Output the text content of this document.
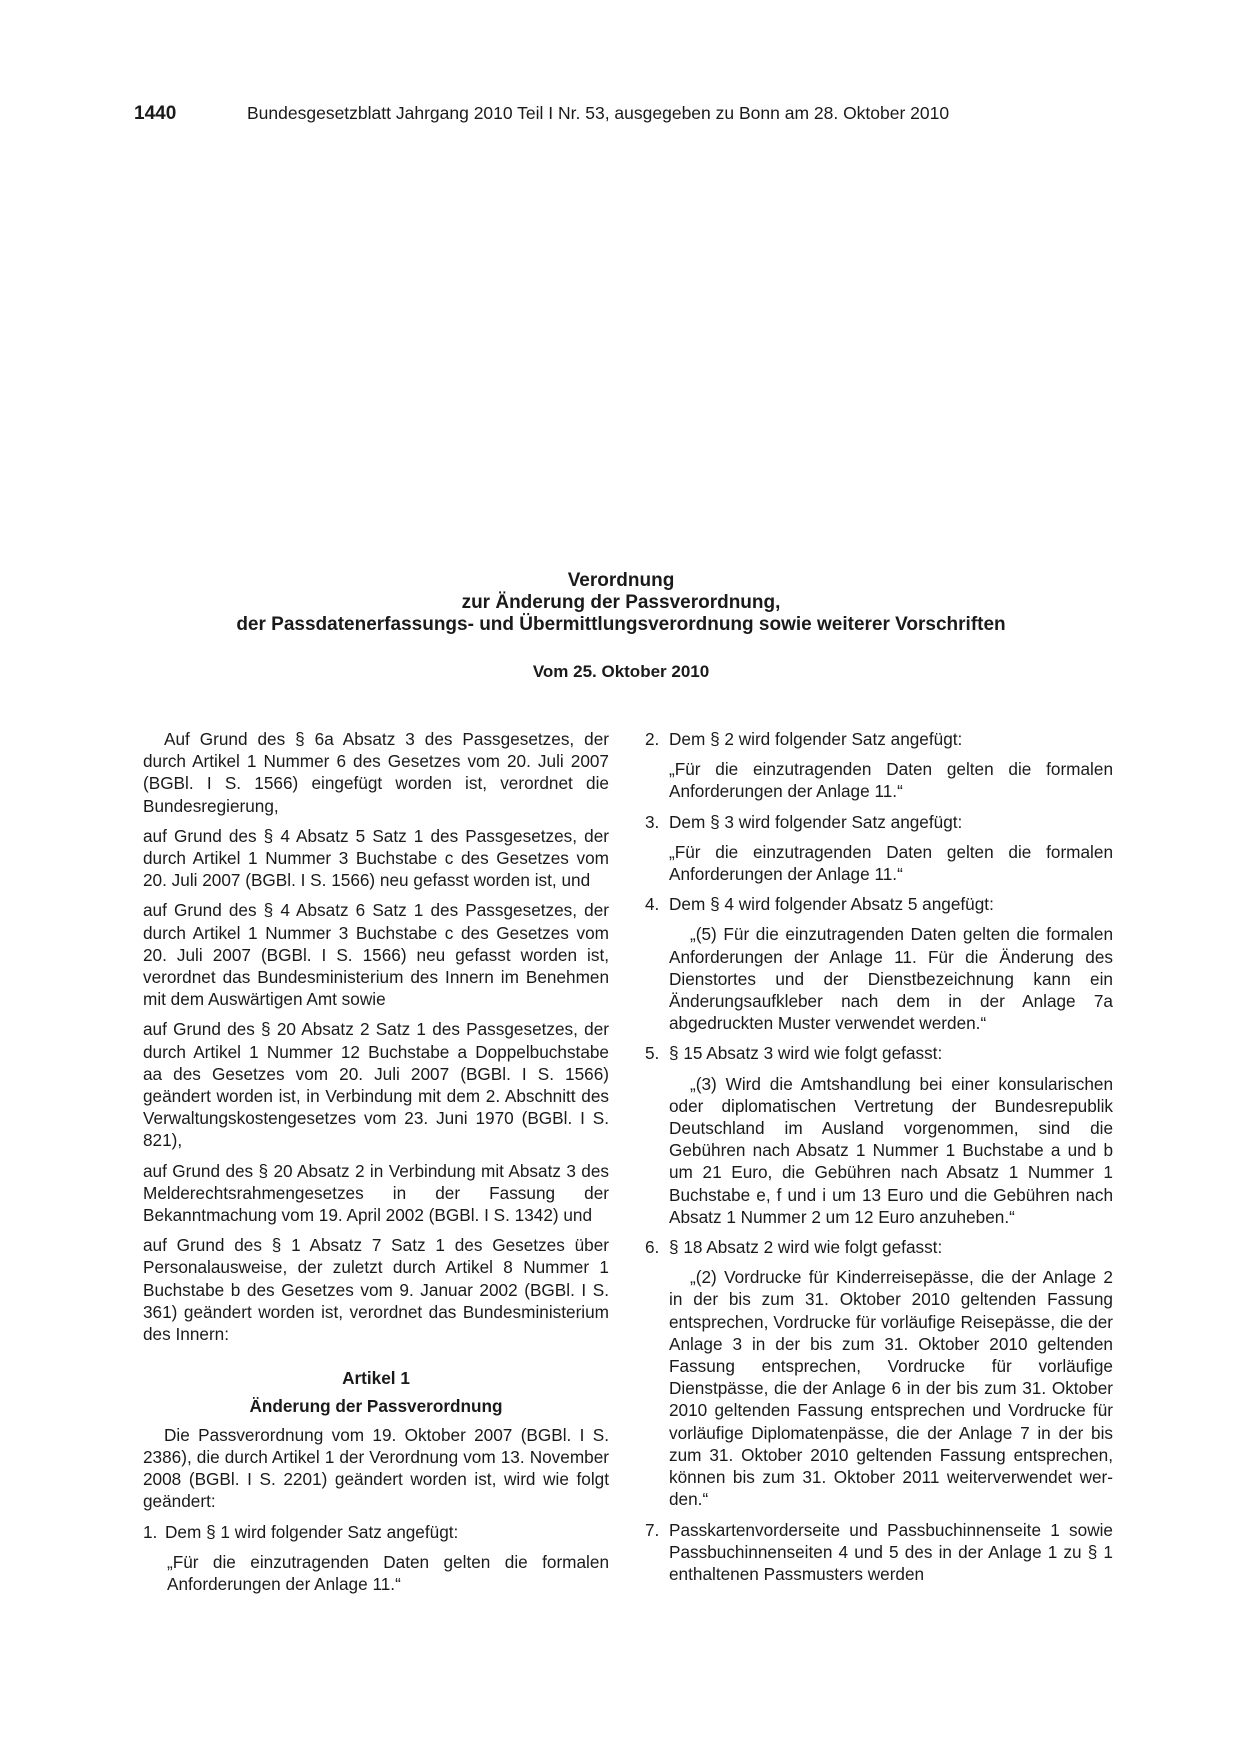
1440	Bundesgesetzblatt Jahrgang 2010 Teil I Nr. 53, ausgegeben zu Bonn am 28. Oktober 2010
Verordnung
zur Änderung der Passverordnung,
der Passdatenerfassungs- und Übermittlungsverordnung sowie weiterer Vorschriften
Vom 25. Oktober 2010

Auf Grund des § 6a Absatz 3 des Passgesetzes, der durch Artikel 1 Nummer 6 des Gesetzes vom 20. Juli 2007 (BGBl. I S. 1566) eingefügt worden ist, verordnet die Bundesregierung,

auf Grund des § 4 Absatz 5 Satz 1 des Passgesetzes, der durch Artikel 1 Nummer 3 Buchstabe c des Gesetzes vom 20. Juli 2007 (BGBl. I S. 1566) neu gefasst worden ist, und

auf Grund des § 4 Absatz 6 Satz 1 des Passgesetzes, der durch Artikel 1 Nummer 3 Buchstabe c des Gesetzes vom 20. Juli 2007 (BGBl. I S. 1566) neu gefasst worden ist, verordnet das Bundesministerium des Innern im Benehmen mit dem Auswärtigen Amt sowie

auf Grund des § 20 Absatz 2 Satz 1 des Passgesetzes, der durch Artikel 1 Nummer 12 Buchstabe a Doppelbuchstabe aa des Gesetzes vom 20. Juli 2007 (BGBl. I S. 1566) geändert worden ist, in Verbindung mit dem 2. Abschnitt des Verwaltungskostengesetzes vom 23. Juni 1970 (BGBl. I S. 821),

auf Grund des § 20 Absatz 2 in Verbindung mit Absatz 3 des Melderechtsrahmengesetzes in der Fassung der Bekanntmachung vom 19. April 2002 (BGBl. I S. 1342) und

auf Grund des § 1 Absatz 7 Satz 1 des Gesetzes über Personalausweise, der zuletzt durch Artikel 8 Nummer 1 Buchstabe b des Gesetzes vom 9. Januar 2002 (BGBl. I S. 361) geändert worden ist, verordnet das Bundesministerium des Innern:

Artikel 1
Änderung der Passverordnung

Die Passverordnung vom 19. Oktober 2007 (BGBl. I S. 2386), die durch Artikel 1 der Verordnung vom 13. November 2008 (BGBl. I S. 2201) geändert worden ist, wird wie folgt geändert:

1. Dem § 1 wird folgender Satz angefügt:
„Für die einzutragenden Daten gelten die formalen Anforderungen der Anlage 11.“
2. Dem § 2 wird folgender Satz angefügt:
„Für die einzutragenden Daten gelten die formalen Anforderungen der Anlage 11.“
3. Dem § 3 wird folgender Satz angefügt:
„Für die einzutragenden Daten gelten die formalen Anforderungen der Anlage 11.“
4. Dem § 4 wird folgender Absatz 5 angefügt:
„(5) Für die einzutragenden Daten gelten die formalen Anforderungen der Anlage 11. Für die Änderung des Dienstortes und der Dienstbezeichnung kann ein Änderungsaufkleber nach dem in der Anlage 7a abgedruckten Muster verwendet werden.“
5. § 15 Absatz 3 wird wie folgt gefasst:
„(3) Wird die Amtshandlung bei einer konsularischen oder diplomatischen Vertretung der Bundesrepublik Deutschland im Ausland vorgenommen, sind die Gebühren nach Absatz 1 Nummer 1 Buchstabe a und b um 21 Euro, die Gebühren nach Absatz 1 Nummer 1 Buchstabe e, f und i um 13 Euro und die Gebühren nach Absatz 1 Nummer 2 um 12 Euro anzuheben.“
6. § 18 Absatz 2 wird wie folgt gefasst:
„(2) Vordrucke für Kinderreisepässe, die der Anlage 2 in der bis zum 31. Oktober 2010 geltenden Fassung entsprechen, Vordrucke für vorläufige Reisepässe, die der Anlage 3 in der bis zum 31. Oktober 2010 geltenden Fassung entsprechen, Vordrucke für vorläufige Dienstpässe, die der Anlage 6 in der bis zum 31. Oktober 2010 geltenden Fassung entsprechen und Vordrucke für vorläufige Diplomatenpässe, die der Anlage 7 in der bis zum 31. Oktober 2010 geltenden Fassung entsprechen, können bis zum 31. Oktober 2011 weiterverwendet werden.“
7. Passkartenvorderseite und Passbuchinnenseite 1 sowie Passbuchinnenseiten 4 und 5 des in der Anlage 1 zu § 1 enthaltenen Passmusters werden
